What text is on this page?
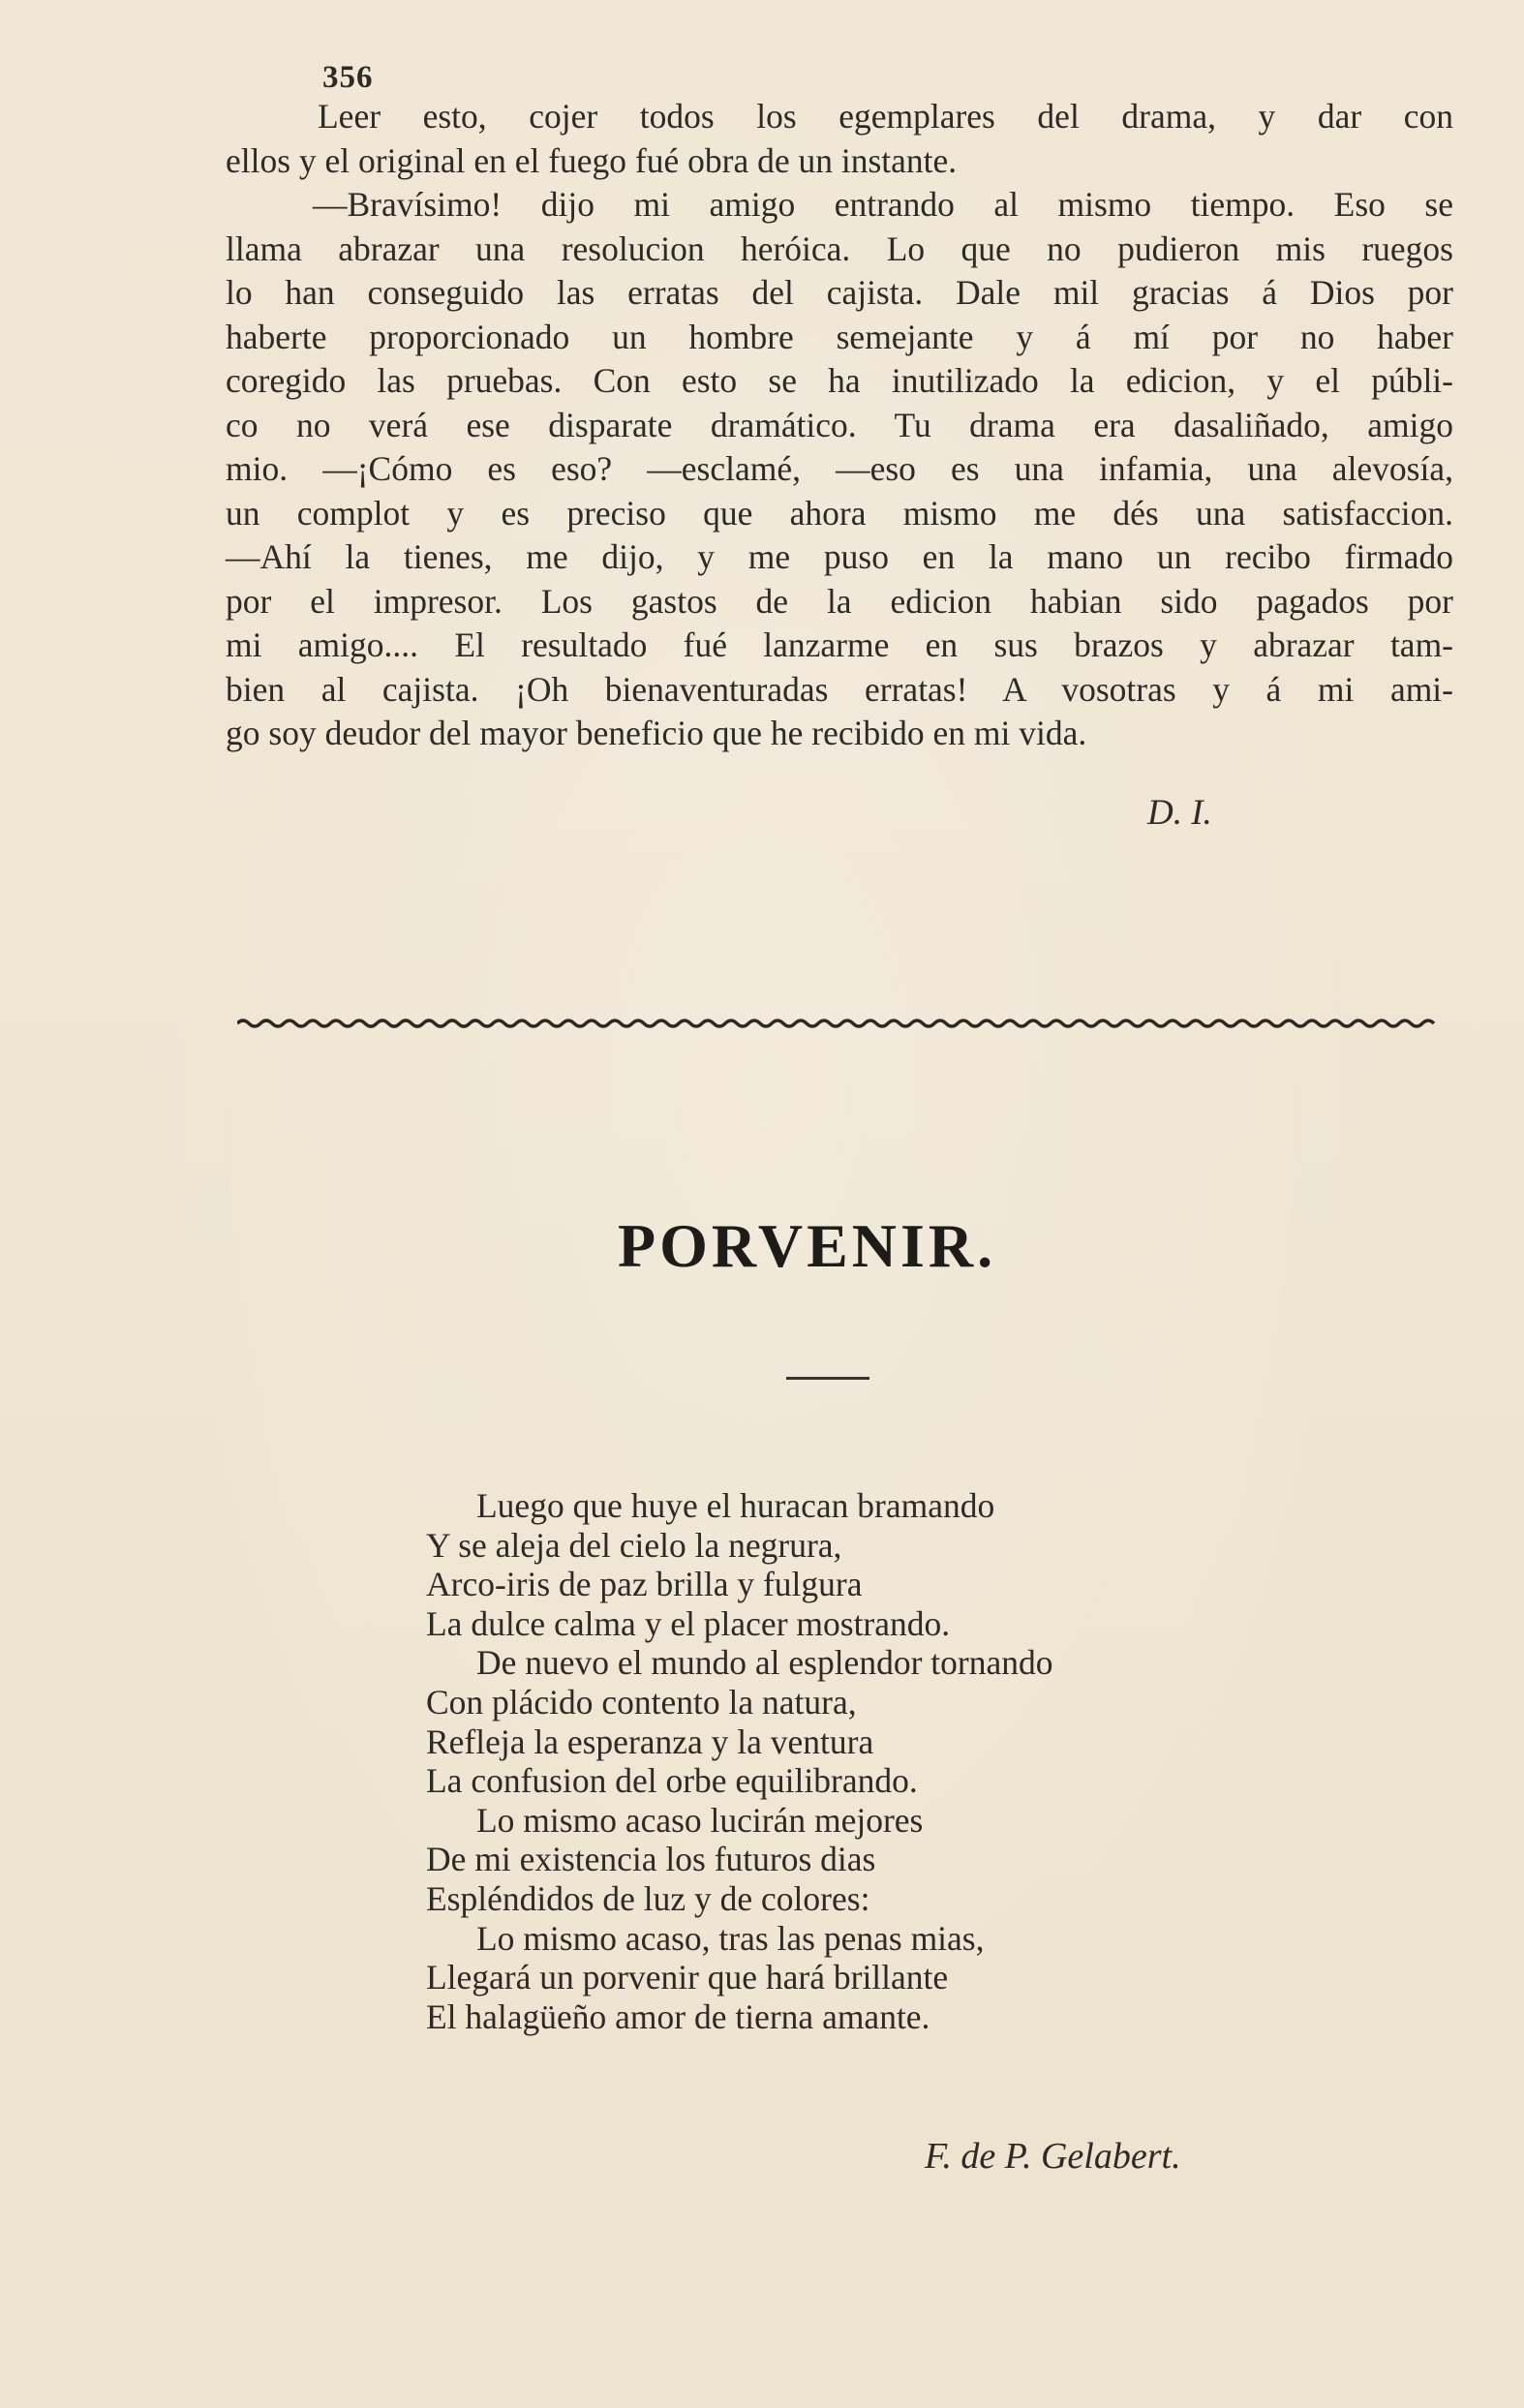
356
Leer esto, cojer todos los egemplares del drama, y dar con
ellos y el original en el fuego fué obra de un instante.
—Bravísimo! dijo mi amigo entrando al mismo tiempo. Eso se
llama abrazar una resolucion heróica. Lo que no pudieron mis ruegos
lo han conseguido las erratas del cajista. Dale mil gracias á Dios por
haberte proporcionado un hombre semejante y á mí por no haber
coregido las pruebas. Con esto se ha inutilizado la edicion, y el públi-
co no verá ese disparate dramático. Tu drama era dasaliñado, amigo
mio. —¡Cómo es eso? —esclamé, —eso es una infamia, una alevosía,
un complot y es preciso que ahora mismo me dés una satisfaccion.
—Ahí la tienes, me dijo, y me puso en la mano un recibo firmado
por el impresor. Los gastos de la edicion habian sido pagados por
mi amigo.... El resultado fué lanzarme en sus brazos y abrazar tam-
bien al cajista. ¡Oh bienaventuradas erratas! A vosotras y á mi ami-
go soy deudor del mayor beneficio que he recibido en mi vida.
D. I.
PORVENIR.
Luego que huye el huracan bramando
Y se aleja del cielo la negrura,
Arco-iris de paz brilla y fulgura
La dulce calma y el placer mostrando.
De nuevo el mundo al esplendor tornando
Con plácido contento la natura,
Refleja la esperanza y la ventura
La confusion del orbe equilibrando.
Lo mismo acaso lucirán mejores
De mi existencia los futuros dias
Espléndidos de luz y de colores:
Lo mismo acaso, tras las penas mias,
Llegará un porvenir que hará brillante
El halagüeño amor de tierna amante.
F. de P. Gelabert.
